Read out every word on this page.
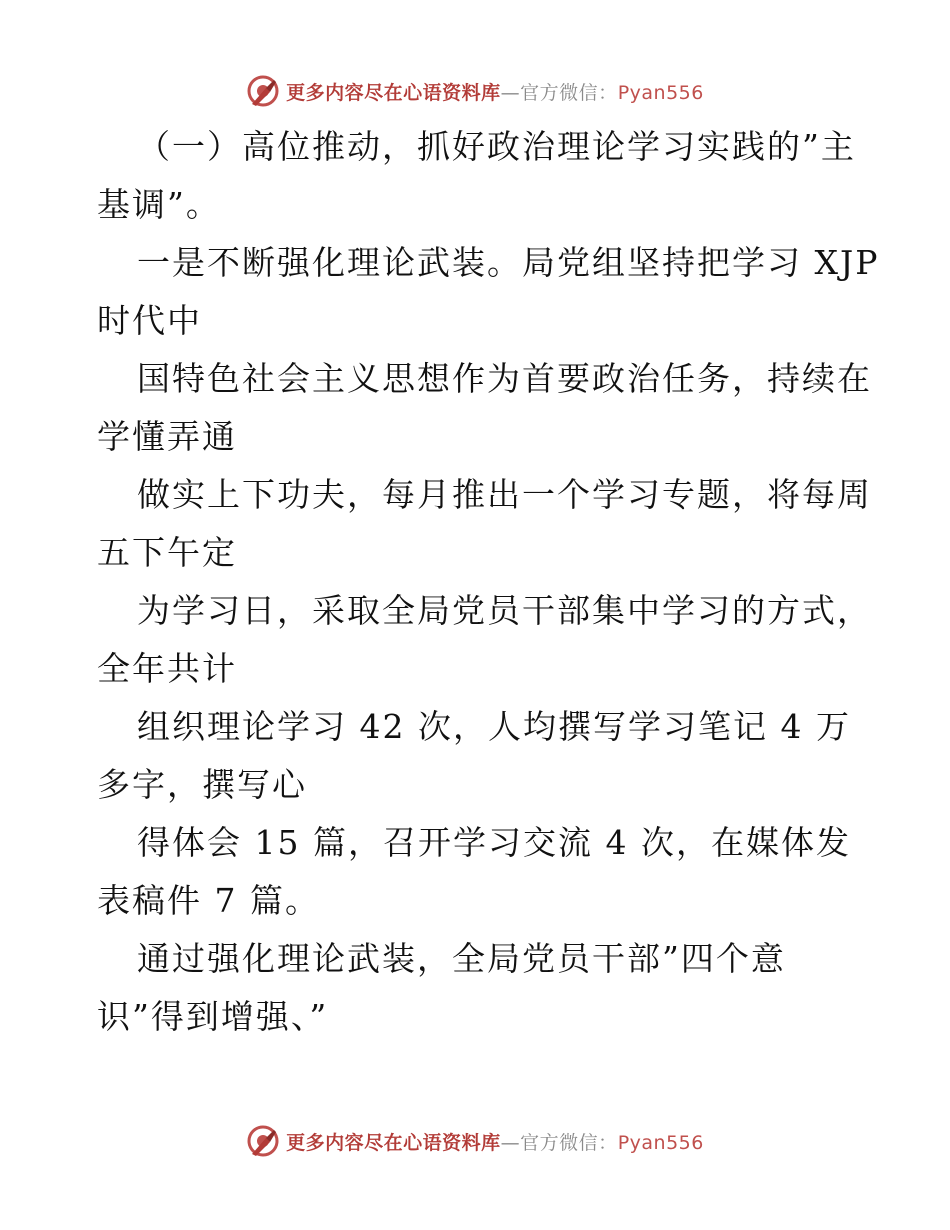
更多内容尽在心语资料库—官方微信：Pyan556
（一）高位推动，抓好政治理论学习实践的”主
基调”。
一是不断强化理论武装。局党组坚持把学习 XJP
时代中
国特色社会主义思想作为首要政治任务，持续在
学懂弄通
做实上下功夫，每月推出一个学习专题，将每周
五下午定
为学习日，采取全局党员干部集中学习的方式，
全年共计
组织理论学习 42 次，人均撰写学习笔记 4 万
多字，撰写心
得体会 15 篇，召开学习交流 4 次，在媒体发
表稿件 7 篇。
通过强化理论武装，全局党员干部”四个意
识”得到增强、”
更多内容尽在心语资料库—官方微信：Pyan556
